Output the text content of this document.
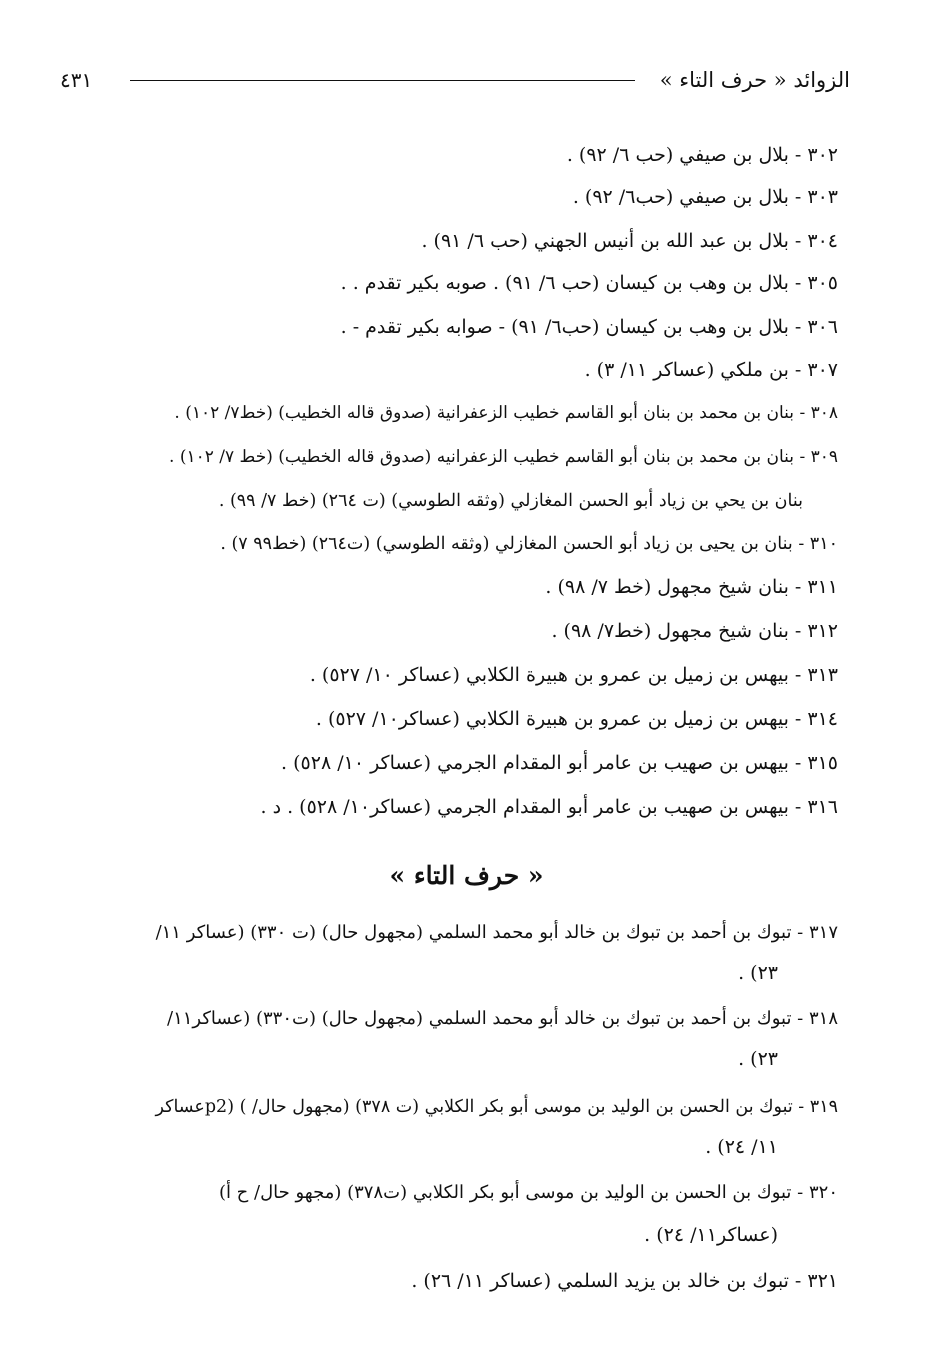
الزوائد « حرف التاء »
٤٣١
٣٠٢ - بلال بن صيفي (حب ٦/ ٩٢) .
٣٠٣ - بلال بن صيفي (حب٦/ ٩٢) .
٣٠٤ - بلال بن عبد الله بن أنيس الجهني (حب ٦/ ٩١) .
٣٠٥ - بلال بن وهب بن كيسان (حب ٦/ ٩١) . صوبه بكير تقدم . .
٣٠٦ - بلال بن وهب بن كيسان (حب٦/ ٩١) - صوابه بكير تقدم - .
٣٠٧ - بن ملكي (عساكر ١١/ ٣) .
٣٠٨ - بنان بن محمد بن بنان أبو القاسم خطيب الزعفرانية (صدوق قاله الخطيب) (خط٧/ ١٠٢) .
٣٠٩ - بنان بن محمد بن بنان أبو القاسم خطيب الزعفرانيه (صدوق قاله الخطيب) (خط ٧/ ١٠٢) .
بنان بن يحي بن زياد أبو الحسن المغازلي (وثقه الطوسي) (ت ٢٦٤) (خط ٧/ ٩٩) .
٣١٠ - بنان بن يحيى بن زياد أبو الحسن المغازلي (وثقه الطوسي) (ت٢٦٤) (خط٩٩ ٧) .
٣١١ - بنان شيخ مجهول (خط ٧/ ٩٨) .
٣١٢ - بنان شيخ مجهول (خط٧/ ٩٨) .
٣١٣ - بيهس بن زميل بن عمرو بن هبيرة الكلابي (عساكر ١٠/ ٥٢٧) .
٣١٤ - بيهس بن زميل بن عمرو بن هبيرة الكلابي (عساكر١٠/ ٥٢٧) .
٣١٥ - بيهس بن صهيب بن عامر أبو المقدام الجرمي (عساكر ١٠/ ٥٢٨) .
٣١٦ - بيهس بن صهيب بن عامر أبو المقدام الجرمي (عساكر١٠/ ٥٢٨) . د .
« حرف التاء »
٣١٧ - تبوك بن أحمد بن تبوك بن خالد أبو محمد السلمي (مجهول حال) (ت ٣٣٠) (عساكر ١١/
٢٣) .
٣١٨ - تبوك بن أحمد بن تبوك بن خالد أبو محمد السلمي (مجهول حال) (ت٣٣٠) (عساكر١١/
٢٣) .
٣١٩ - تبوك بن الحسن بن الوليد بن موسى أبو بكر الكلابي (ت ٣٧٨) (مجهول حال/ ) (p2عساكر
١١/ ٢٤) .
٣٢٠ - تبوك بن الحسن بن الوليد بن موسى أبو بكر الكلابي (ت٣٧٨) (مجهو حال/ ح أ)
(عساكر١١/ ٢٤) .
٣٢١ - تبوك بن خالد بن يزيد السلمي (عساكر ١١/ ٢٦) .
